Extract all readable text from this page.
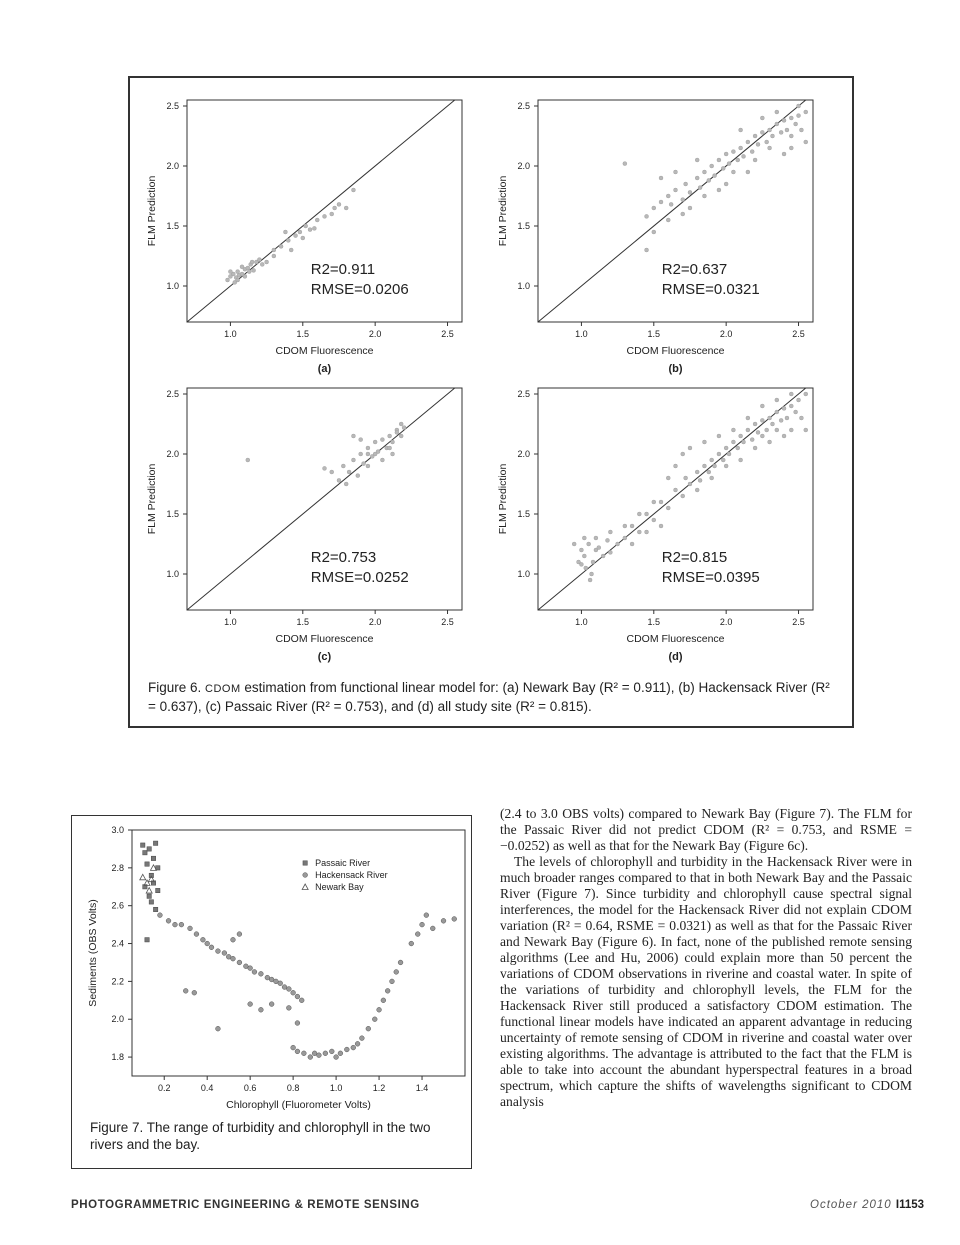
1.0	1.5	2.0	2.5
1.0
1.5
2.0
2.5
R2=0.911
RMSE=0.0206
CDOM Fluorescence
(a)
FLM Prediction
1.0	1.5	2.0	2.5
1.0
1.5
2.0
2.5
R2=0.637
RMSE=0.0321
CDOM Fluorescence
(b)
FLM Prediction
1.0	1.5	2.0	2.5
1.0
1.5
2.0
2.5
R2=0.753
RMSE=0.0252
CDOM Fluorescence
(c)
FLM Prediction
1.0	1.5	2.0	2.5
1.0
1.5
2.0
2.5
R2=0.815
RMSE=0.0395
CDOM Fluorescence
(d)
FLM Prediction
Figure 6. CDOM estimation from functional linear model for: (a) Newark Bay (R² = 0.911), (b) Hackensack River (R² = 0.637), (c) Passaic River (R² = 0.753), and (d) all study site (R² = 0.815).
0.2	0.4	0.6	0.8	1.0	1.2	1.4
1.8
2.0
2.2
2.4
2.6
2.8
3.0
Passaic River
Hackensack River
Newark Bay
Chlorophyll (Fluorometer Volts)
Sediments (OBS Volts)
Figure 7. The range of turbidity and chlorophyll in the two rivers and the bay.

(2.4 to 3.0 OBS volts) compared to Newark Bay (Figure 7). The FLM for the Passaic River did not predict CDOM (R² = 0.753, and RSME = −0.0252) as well as that for the Newark Bay (Figure 6c).

The levels of chlorophyll and turbidity in the Hackensack River were in much broader ranges compared to that in both Newark Bay and the Passaic River (Figure 7). Since turbidity and chlorophyll cause spectral signal interferences, the model for the Hackensack River did not explain CDOM variation (R² = 0.64, RSME = 0.0321) as well as that for the Passaic River and Newark Bay (Figure 6). In fact, none of the published remote sensing algorithms (Lee and Hu, 2006) could explain more than 50 percent the variations of CDOM observations in riverine and coastal water. In spite of the variations of turbidity and chlorophyll levels, the FLM for the Hackensack River still produced a satisfactory CDOM estimation. The functional linear models have indicated an apparent advantage in reducing uncertainty of remote sensing of CDOM in riverine and coastal water over existing algorithms. The advantage is attributed to the fact that the FLM is able to take into account the abundant hyperspectral features in a broad spectrum, which capture the shifts of wavelengths significant to CDOM analysis

PHOTOGRAMMETRIC ENGINEERING & REMOTE SENSING	October 2010 I1153
